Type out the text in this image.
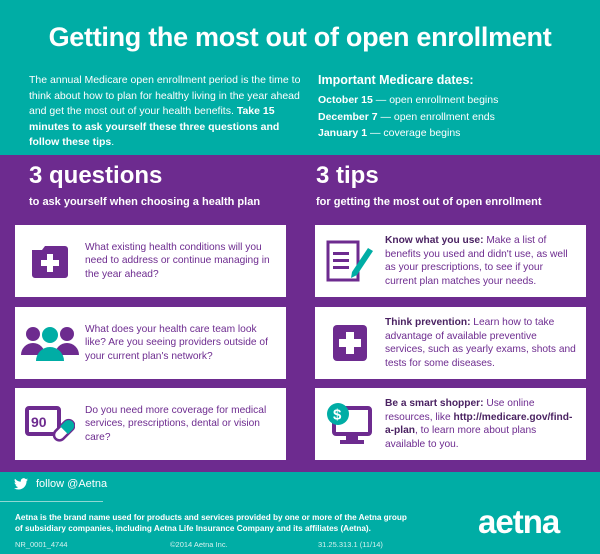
Getting the most out of open enrollment
The annual Medicare open enrollment period is the time to think about how to plan for healthy living in the year ahead and get the most out of your health benefits. Take 15 minutes to ask yourself these three questions and follow these tips.
Important Medicare dates:
October 15 — open enrollment begins
December 7 — open enrollment ends
January 1 — coverage begins
3 questions
to ask yourself when choosing a health plan
3 tips
for getting the most out of open enrollment
What existing health conditions will you need to address or continue managing in the year ahead?
What does your health care team look like? Are you seeing providers outside of your current plan's network?
90
Do you need more coverage for medical services, prescriptions, dental or vision care?
Know what you use: Make a list of benefits you used and didn't use, as well as your prescriptions, to see if your current plan matches your needs.
Think prevention: Learn how to take advantage of available preventive services, such as yearly exams, shots and tests for some diseases.
$
Be a smart shopper: Use online resources, like http://medicare.gov/find-a-plan, to learn more about plans available to you.
follow @Aetna
Aetna is the brand name used for products and services provided by one or more of the Aetna group of subsidiary companies, including Aetna Life Insurance Company and its affiliates (Aetna).
NR_0001_4744	©2014 Aetna Inc.	31.25.313.1 (11/14)
aetna
